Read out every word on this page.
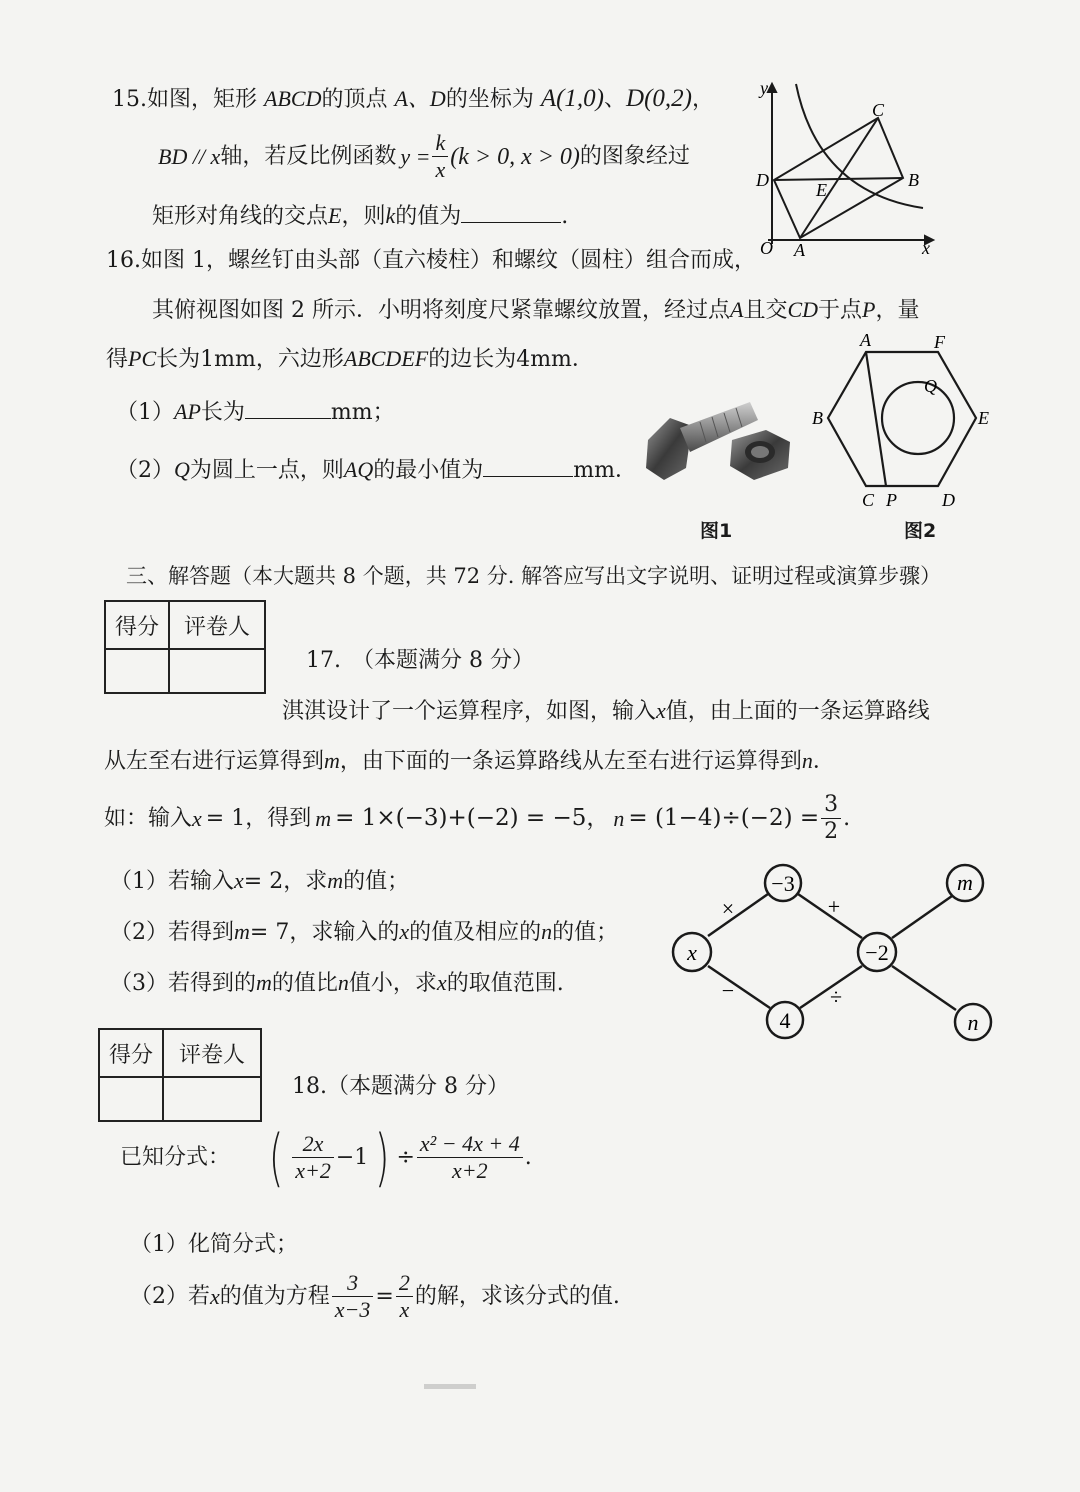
15.如图，矩形 ABCD的顶点 A、D的坐标为 A(1,0)、D(0,2)，
BD // x 轴，若反比例函数 $y = \frac{k}{x} (k > 0$, x > 0) 的图象经过
矩形对角线的交点E，则k的值为	.
y
x
O A
B
C
D	E
16.如图 1，螺丝钉由头部（直六棱柱）和螺纹（圆柱）组合而成，
其俯视图如图 2 所示．小明将刻度尺紧靠螺纹放置，经过点A且交CD于点P，量
得PC长为1mm，六边形ABCDEF的边长为4mm．
（1）AP长为	mm；
（2）Q为圆上一点，则AQ的最小值为	mm．
A	F
B	E
C P	D
Q
图1	图2
三、解答题（本大题共 8 个题，共 72 分. 解答应写出文字说明、证明过程或演算步骤）
得分	评卷人

17.　（本题满分 8 分）
淇淇设计了一个运算程序，如图，输入x值，由上面的一条运算路线
从左至右进行运算得到m，由下面的一条运算路线从左至右进行运算得到n．
如：输入 x = 1，得到 m = 1×(−3)+(−2) = −5， $n = (1-4)\div(-2) = \frac{3}{2}$ .
（1）若输入x= 2，求m的值；
（2）若得到m= 7，求输入的x的值及相应的n的值；
（3）若得到的m的值比n值小，求x的取值范围.
x
−3
−2
4
m
n
×	+
−	÷
得分	评卷人

18.（本题满分 8 分）
已知分式： ( $\frac{2x}{x+2} -1$ ) ÷ $\frac{\text{x² − 4x + 4}}{x+2}$ .
（1）化简分式；
（2）若 x 的值为方程 $\frac{3}{x-3} = \frac{2}{x}$ 的解，求该分式的值.
